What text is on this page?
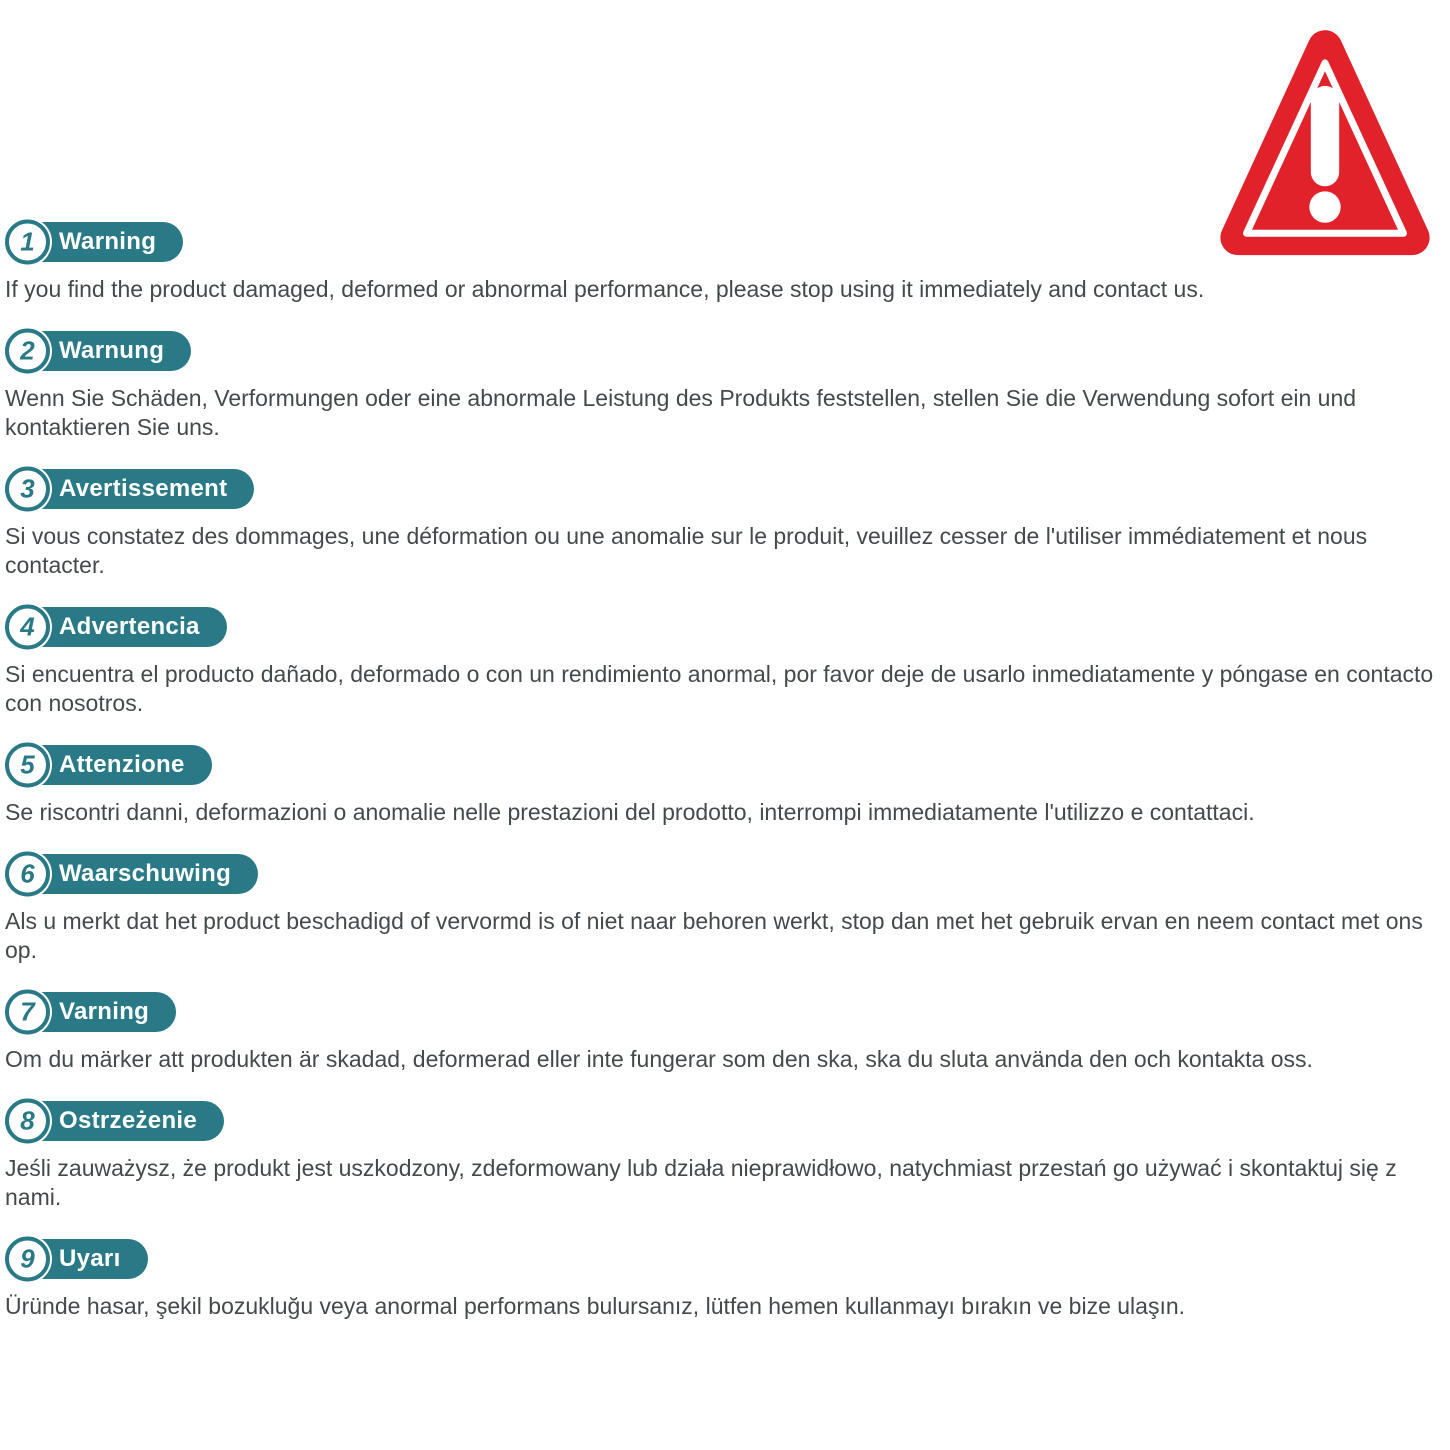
1	Warning
If you find the product damaged, deformed or abnormal performance, please stop using it immediately and contact us.
2	Warnung
Wenn Sie Schäden, Verformungen oder eine abnormale Leistung des Produkts feststellen, stellen Sie die Verwendung sofort ein und kontaktieren Sie uns.
3	Avertissement
Si vous constatez des dommages, une déformation ou une anomalie sur le produit, veuillez cesser de l'utiliser immédiatement et nous contacter.
4	Advertencia
Si encuentra el producto dañado, deformado o con un rendimiento anormal, por favor deje de usarlo inmediatamente y póngase en contacto con nosotros.
5	Attenzione
Se riscontri danni, deformazioni o anomalie nelle prestazioni del prodotto, interrompi immediatamente l'utilizzo e contattaci.
6	Waarschuwing
Als u merkt dat het product beschadigd of vervormd is of niet naar behoren werkt, stop dan met het gebruik ervan en neem contact met ons op.
7	Varning
Om du märker att produkten är skadad, deformerad eller inte fungerar som den ska, ska du sluta använda den och kontakta oss.
8	Ostrzeżenie
Jeśli zauważysz, że produkt jest uszkodzony, zdeformowany lub działa nieprawidłowo, natychmiast przestań go używać i skontaktuj się z nami.
9	Uyarı
Üründe hasar, şekil bozukluğu veya anormal performans bulursanız, lütfen hemen kullanmayı bırakın ve bize ulaşın.
